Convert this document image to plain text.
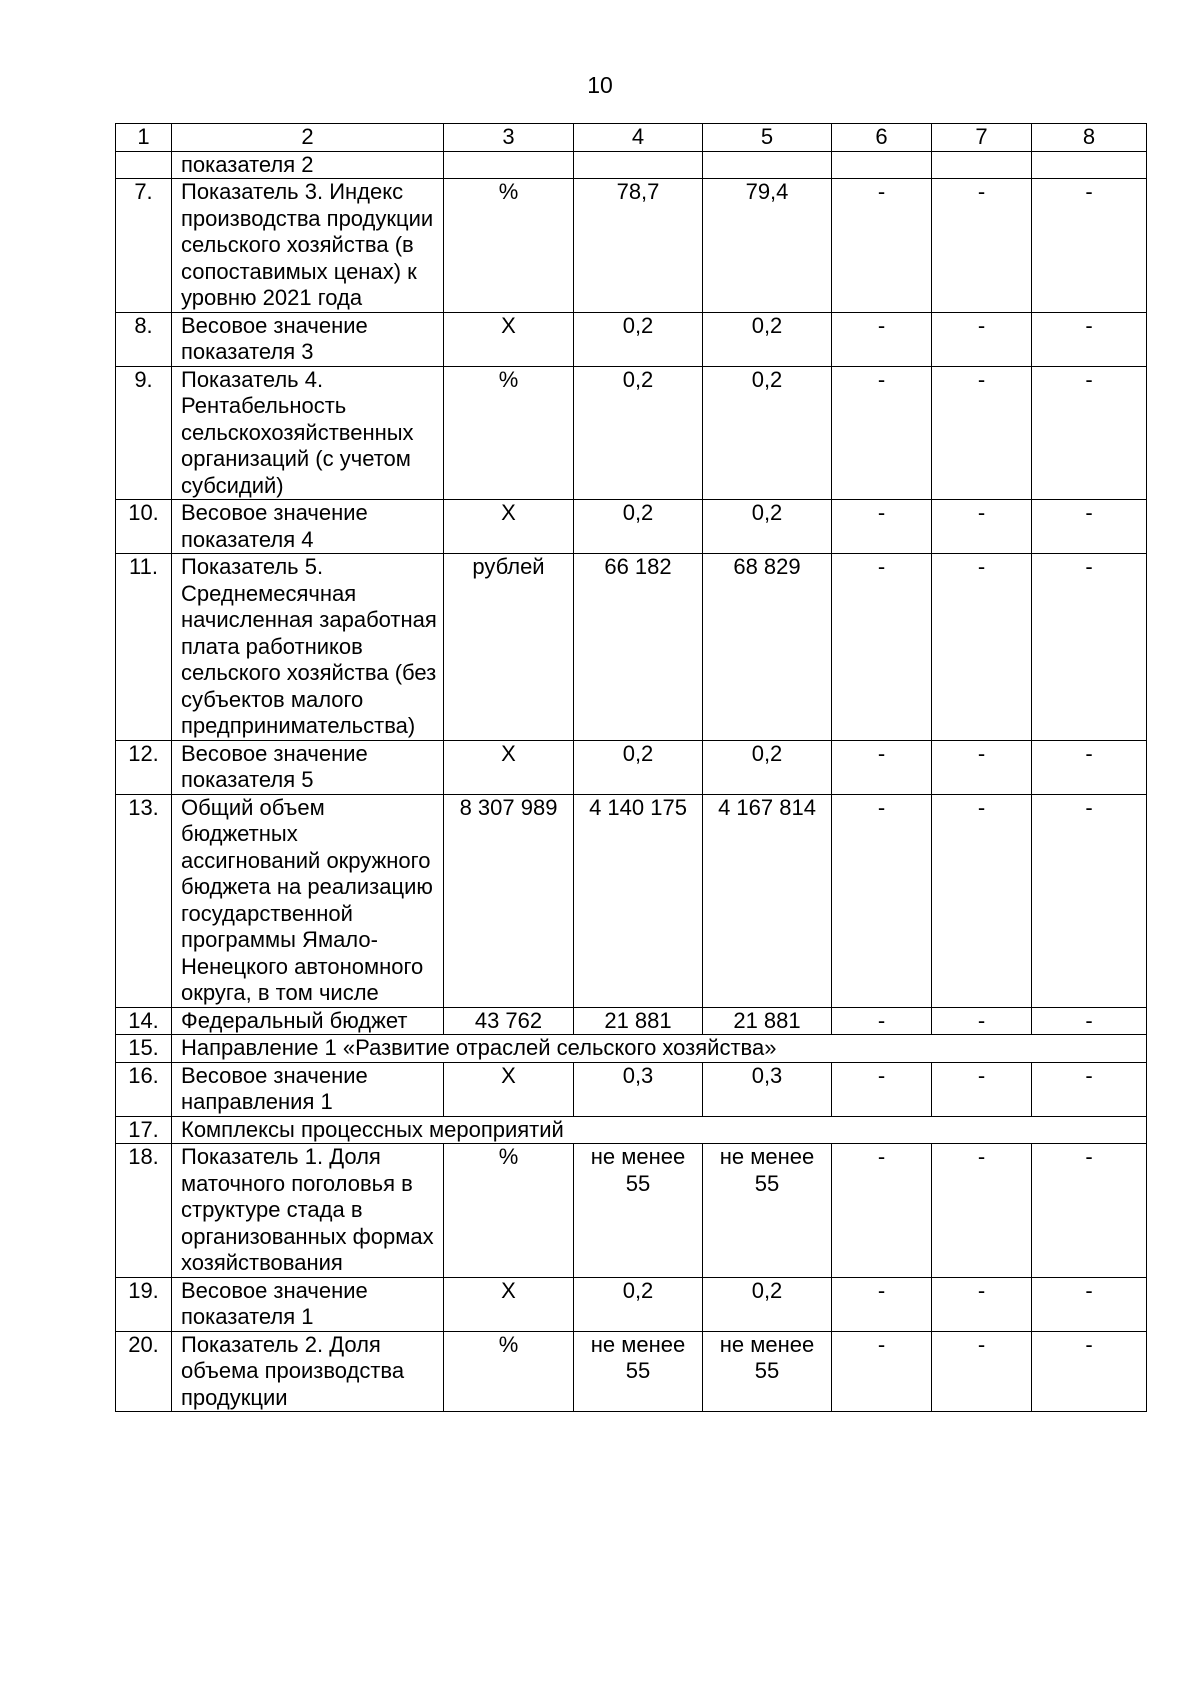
10
1	2	3	4	5	6	7	8
	показателя 2						
7.	Показатель 3. Индекс производства продукции сельского хозяйства (в сопоставимых ценах) к уровню 2021 года	%	78,7	79,4	-	-	-
8.	Весовое значение показателя 3	Х	0,2	0,2	-	-	-
9.	Показатель 4. Рентабельность сельскохозяйственных организаций (с учетом субсидий)	%	0,2	0,2	-	-	-
10.	Весовое значение показателя 4	Х	0,2	0,2	-	-	-
11.	Показатель 5. Среднемесячная начисленная заработная плата работников сельского хозяйства (без субъектов малого предпринимательства)	рублей	66 182	68 829	-	-	-
12.	Весовое значение показателя 5	Х	0,2	0,2	-	-	-
13.	Общий объем бюджетных ассигнований окружного бюджета на реализацию государственной программы Ямало-Ненецкого автономного округа, в том числе	8 307 989	4 140 175	4 167 814	-	-	-
14.	Федеральный бюджет	43 762	21 881	21 881	-	-	-
15.	Направление 1 «Развитие отраслей сельского хозяйства»						
16.	Весовое значение направления 1	Х	0,3	0,3	-	-	-
17.	Комплексы процессных мероприятий						
18.	Показатель 1. Доля маточного поголовья в структуре стада в организованных формах хозяйствования	%	не менее 55	не менее 55	-	-	-
19.	Весовое значение показателя 1	Х	0,2	0,2	-	-	-
20.	Показатель 2. Доля объема производства продукции	%	не менее 55	не менее 55	-	-	-
